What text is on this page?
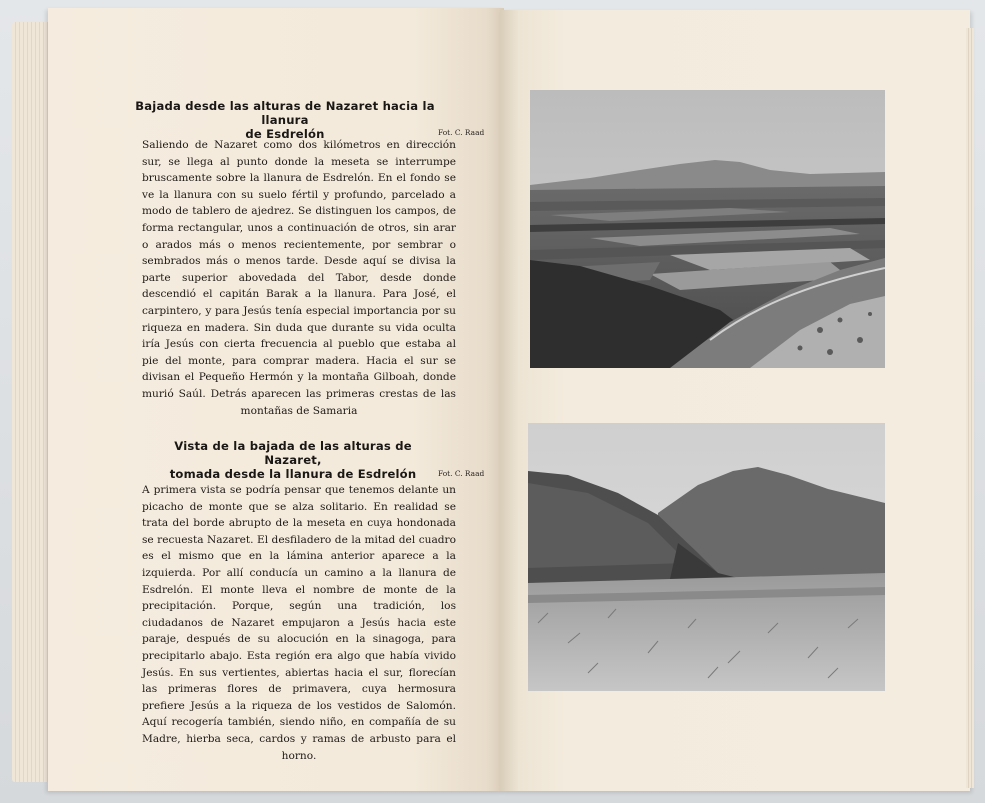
Bajada desde las alturas de Nazaret hacia la llanura
de Esdrelón	Fot. C. Raad
Saliendo de Nazaret como dos kilómetros en dirección sur, se llega al punto donde la meseta se interrumpe bruscamente sobre la llanura de Esdrelón. En el fondo se ve la llanura con su suelo fértil y profundo, parcelado a modo de tablero de ajedrez. Se distinguen los campos, de forma rectangular, unos a continuación de otros, sin arar o arados más o menos recientemente, por sembrar o sembrados más o menos tarde. Desde aquí se divisa la parte superior abovedada del Tabor, desde donde descendió el capitán Barak a la llanura. Para José, el carpintero, y para Jesús tenía especial importancia por su riqueza en madera. Sin duda que durante su vida oculta iría Jesús con cierta frecuencia al pueblo que estaba al pie del monte, para comprar madera. Hacia el sur se divisan el Pequeño Hermón y la montaña Gilboah, donde murió Saúl. Detrás aparecen las primeras crestas de las montañas de Samaria
Vista de la bajada de las alturas de Nazaret,
tomada desde la llanura de Esdrelón	Fot. C. Raad
A primera vista se podría pensar que tenemos delante un picacho de monte que se alza solitario. En realidad se trata del borde abrupto de la meseta en cuya hondonada se recuesta Nazaret. El desfiladero de la mitad del cuadro es el mismo que en la lámina anterior aparece a la izquierda. Por allí conducía un camino a la llanura de Esdrelón. El monte lleva el nombre de monte de la precipitación. Porque, según una tradición, los ciudadanos de Nazaret empujaron a Jesús hacia este paraje, después de su alocución en la sinagoga, para precipitarlo abajo. Esta región era algo que había vivido Jesús. En sus vertientes, abiertas hacia el sur, florecían las primeras flores de primavera, cuya hermosura prefiere Jesús a la riqueza de los vestidos de Salomón. Aquí recogería también, siendo niño, en compañía de su Madre, hierba seca, cardos y ramas de arbusto para el horno.
